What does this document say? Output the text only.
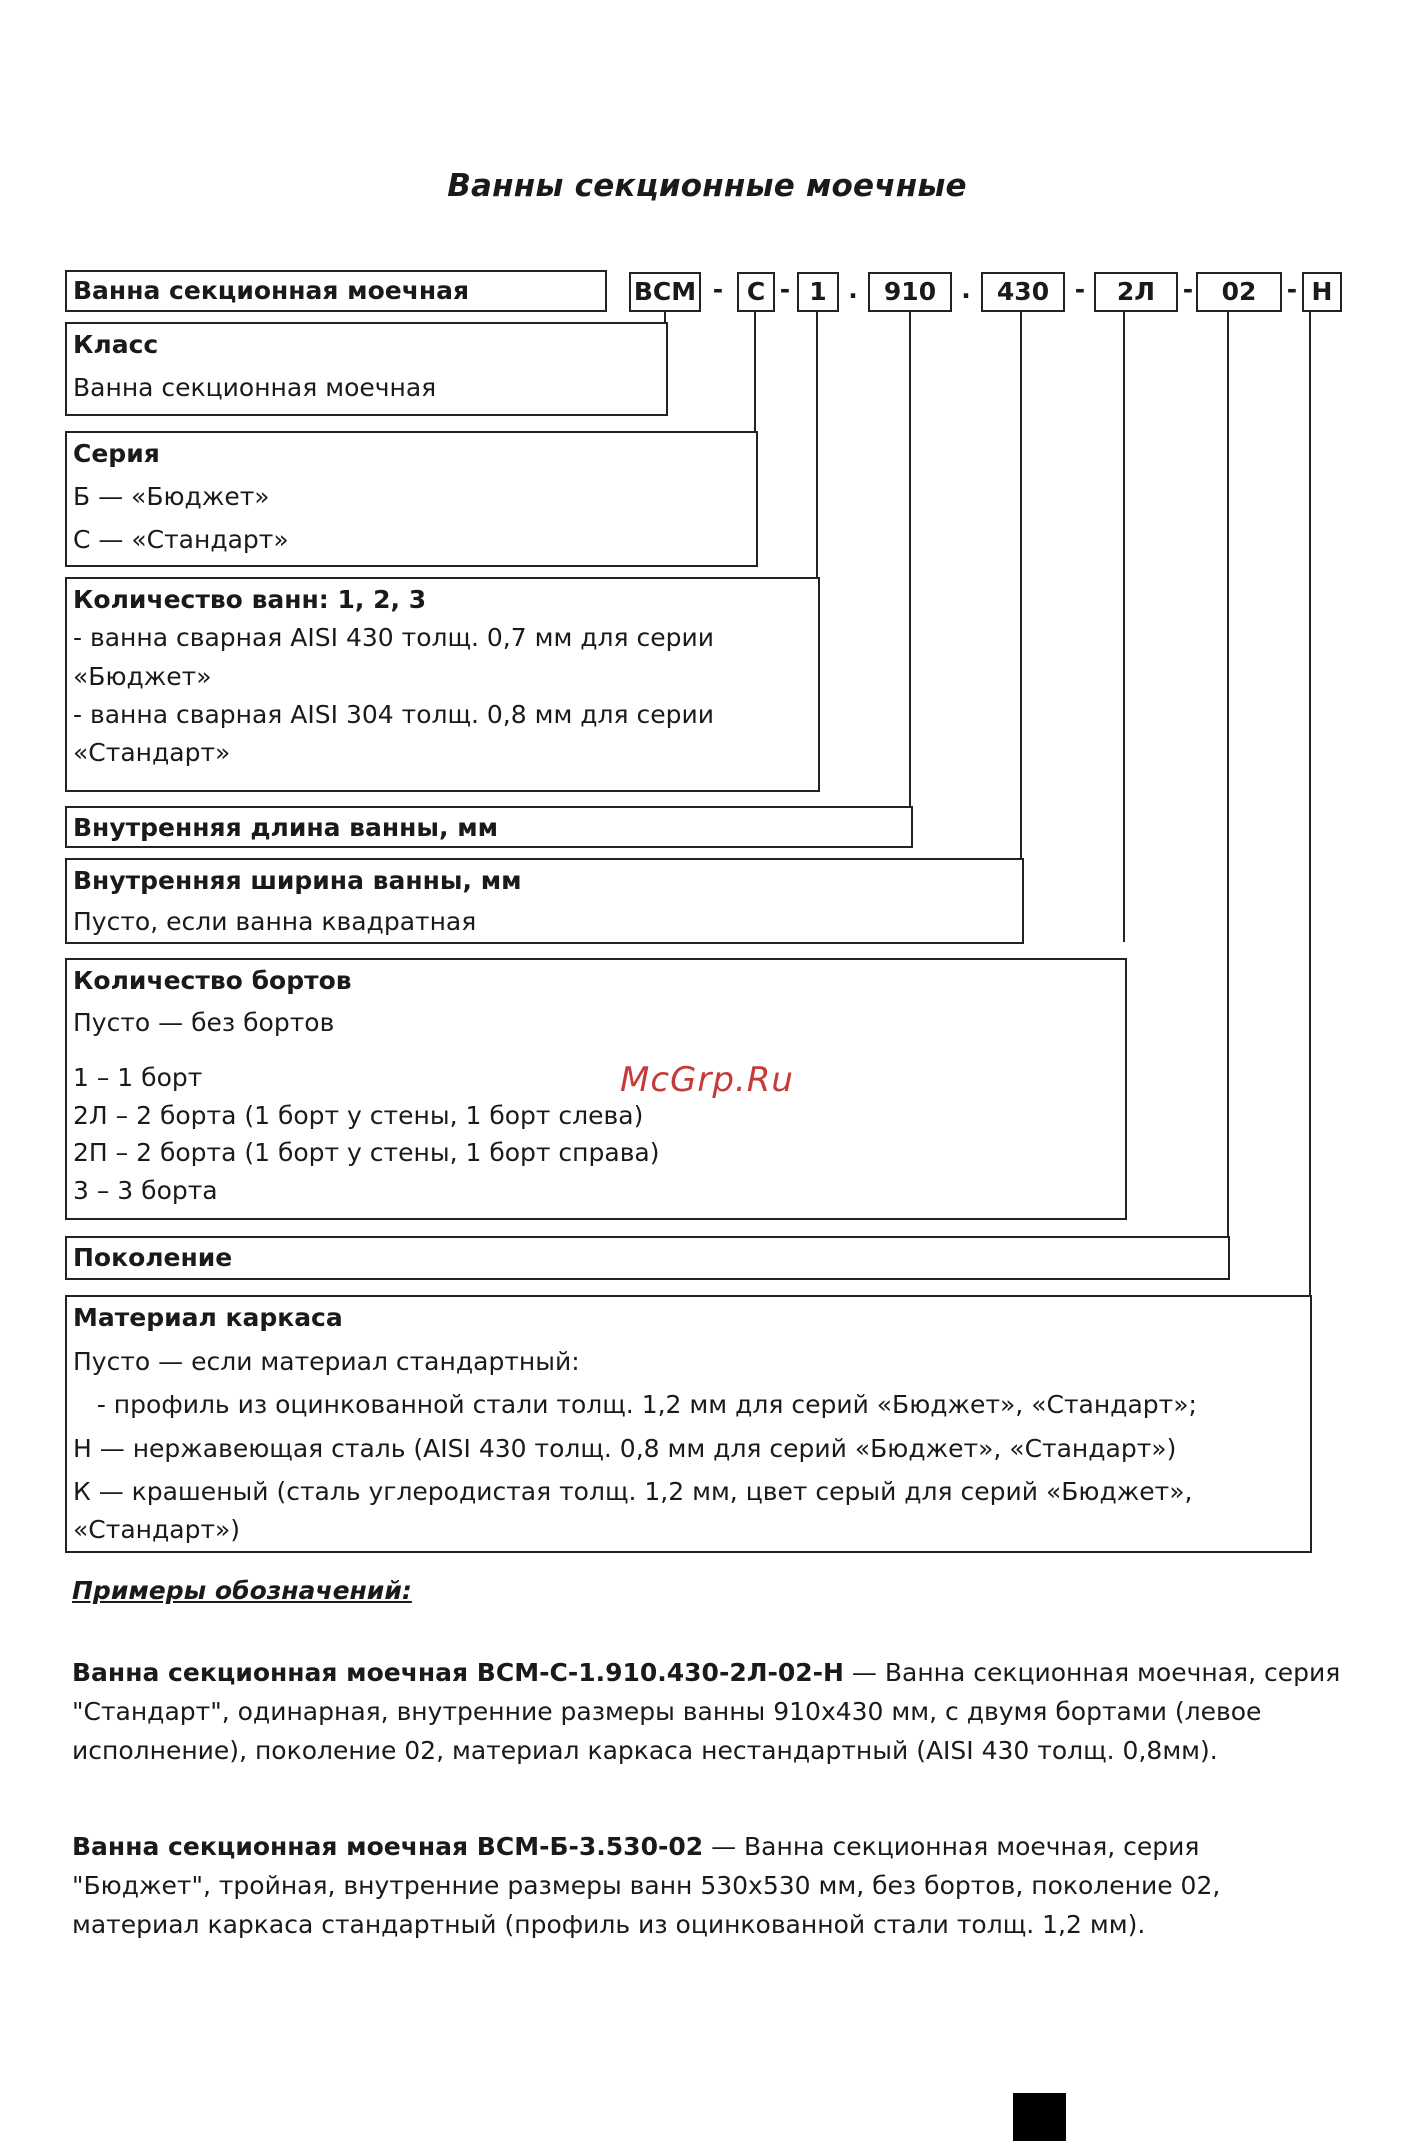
Ванны секционные моечные
Ванна секционная моечная	ВСМ - С - 1 .	910	.	430	-	2Л	-	02	- Н
Класс
Ванна секционная моечная
Серия
Б — «Бюджет»
С — «Стандарт»
Количество ванн: 1, 2, 3
- ванна сварная AISI 430 толщ. 0,7 мм для серии
«Бюджет»
- ванна сварная AISI 304 толщ. 0,8 мм для серии
«Стандарт»
Внутренняя длина ванны, мм
Внутренняя ширина ванны, мм
Пусто, если ванна квадратная
Количество бортов
Пусто — без бортов
1 – 1 борт
2Л – 2 борта (1 борт у стены, 1 борт слева)
2П – 2 борта (1 борт у стены, 1 борт справа)
3 – 3 борта
Поколение
Материал каркаса
Пусто — если материал стандартный:
- профиль из оцинкованной стали толщ. 1,2 мм для серий «Бюджет», «Стандарт»;
Н — нержавеющая сталь (AISI 430 толщ. 0,8 мм для серий «Бюджет», «Стандарт»)
К — крашеный (сталь углеродистая толщ. 1,2 мм, цвет серый для серий «Бюджет»,
«Стандарт»)
McGrp.Ru
Примеры обозначений:
Ванна секционная моечная ВСМ-С-1.910.430-2Л-02-Н — Ванна секционная моечная, серия "Стандарт", одинарная, внутренние размеры ванны 910х430 мм, с двумя бортами (левое исполнение), поколение 02, материал каркаса нестандартный (AISI 430 толщ. 0,8мм).
Ванна секционная моечная ВСМ-Б-3.530-02 — Ванна секционная моечная, серия "Бюджет", тройная, внутренние размеры ванн 530х530 мм, без бортов, поколение 02, материал каркаса стандартный (профиль из оцинкованной стали толщ. 1,2 мм).
